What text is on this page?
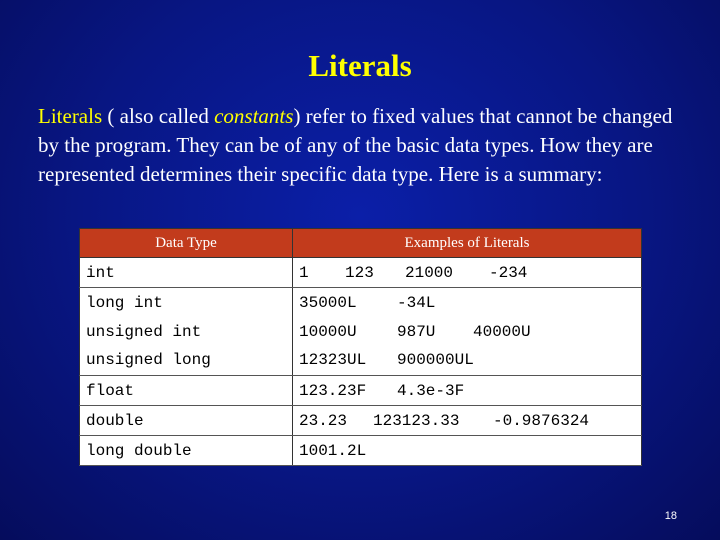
Literals

Literals ( also called constants) refer to fixed values that cannot be changed by the program. They can be of any of the basic data types. How they are represented determines their specific data type. Here is a summary:

Data Type	Examples of Literals
int	1 123 21000 -234
long int	35000L -34L
unsigned int	10000U 987U 40000U
unsigned long	12323UL 900000UL
float	123.23F 4.3e-3F
double	23.23 123123.33 -0.9876324
long double	1001.2L
18
